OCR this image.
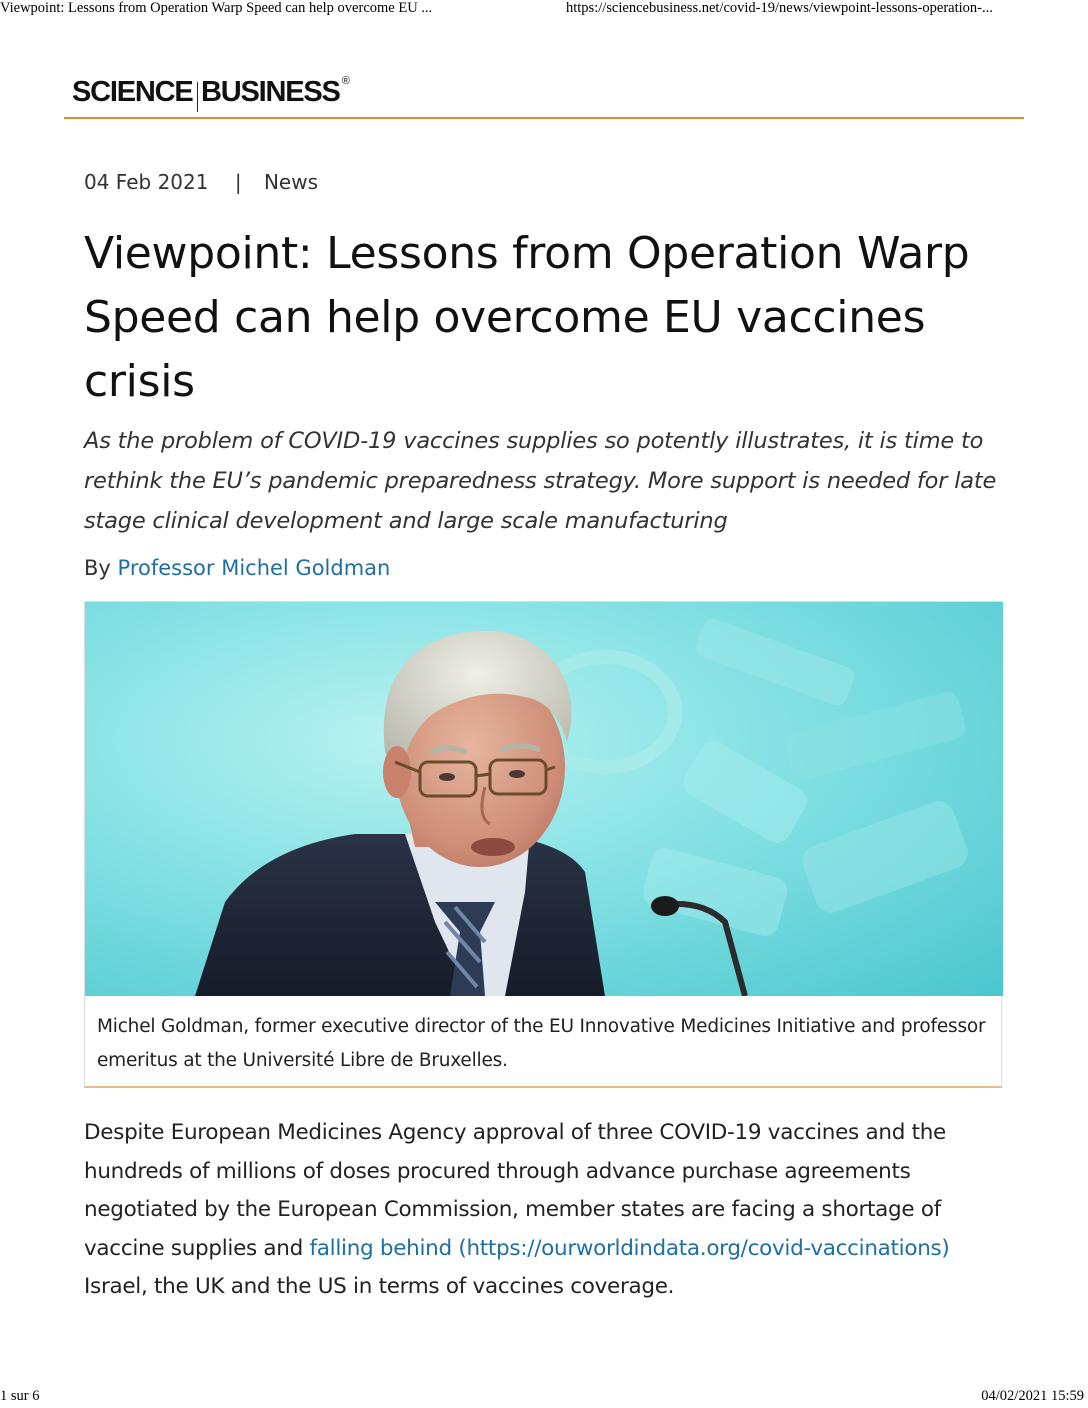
Viewpoint: Lessons from Operation Warp Speed can help overcome EU ...	https://sciencebusiness.net/covid-19/news/viewpoint-lessons-operation-...
SCIENCE BUSINESS ®
04 Feb 2021 | News
Viewpoint: Lessons from Operation Warp Speed can help overcome EU vaccines crisis

As the problem of COVID-19 vaccines supplies so potently illustrates, it is time to rethink the EU’s pandemic preparedness strategy. More support is needed for late stage clinical development and large scale manufacturing

By Professor Michel Goldman

Michel Goldman, former executive director of the EU Innovative Medicines Initiative and professor emeritus at the Université Libre de Bruxelles.

Despite European Medicines Agency approval of three COVID-19 vaccines and the hundreds of millions of doses procured through advance purchase agreements negotiated by the European Commission, member states are facing a shortage of vaccine supplies and falling behind (https://ourworldindata.org/covid-vaccinations) Israel, the UK and the US in terms of vaccines coverage.

1 sur 6	04/02/2021 15:59
